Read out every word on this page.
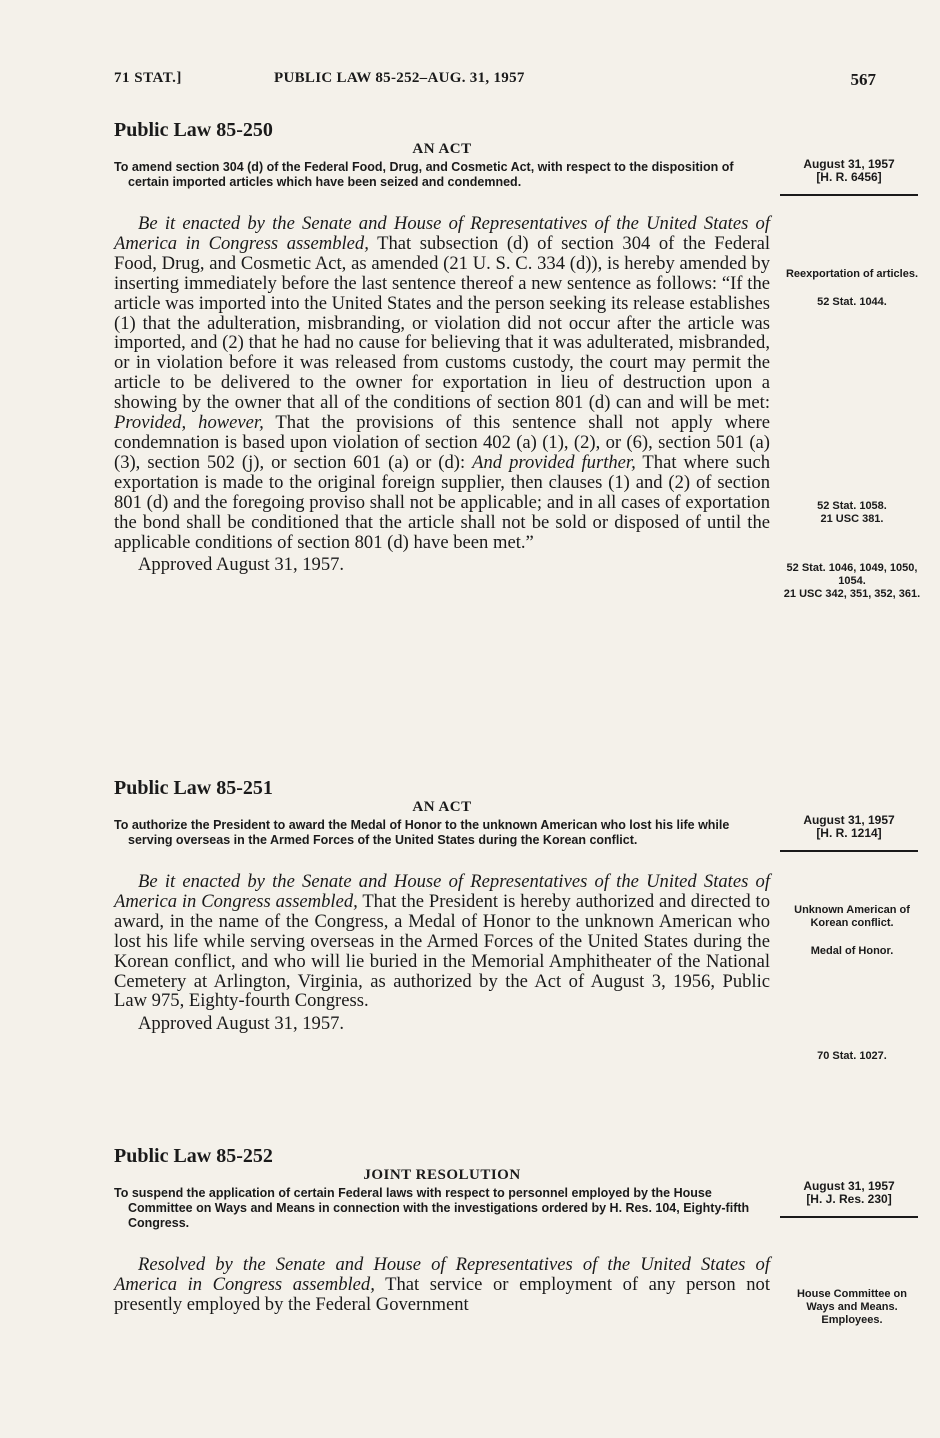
71 STAT.]	PUBLIC LAW 85-252–AUG. 31, 1957	567
Public Law 85-250
AN ACT

To amend section 304 (d) of the Federal Food, Drug, and Cosmetic Act, with respect to the disposition of certain imported articles which have been seized and condemned.

Be it enacted by the Senate and House of Representatives of the United States of America in Congress assembled, That subsection (d) of section 304 of the Federal Food, Drug, and Cosmetic Act, as amended (21 U. S. C. 334 (d)), is hereby amended by inserting immediately before the last sentence thereof a new sentence as follows: “If the article was imported into the United States and the person seeking its release establishes (1) that the adulteration, misbranding, or violation did not occur after the article was imported, and (2) that he had no cause for believing that it was adulterated, misbranded, or in violation before it was released from customs custody, the court may permit the article to be delivered to the owner for exportation in lieu of destruction upon a showing by the owner that all of the conditions of section 801 (d) can and will be met: Provided, however, That the provisions of this sentence shall not apply where condemnation is based upon violation of section 402 (a) (1), (2), or (6), section 501 (a) (3), section 502 (j), or section 601 (a) or (d): And provided further, That where such exportation is made to the original foreign supplier, then clauses (1) and (2) of section 801 (d) and the foregoing proviso shall not be applicable; and in all cases of exportation the bond shall be conditioned that the article shall not be sold or disposed of until the applicable conditions of section 801 (d) have been met.”

Approved August 31, 1957.
Public Law 85-251
AN ACT

To authorize the President to award the Medal of Honor to the unknown American who lost his life while serving overseas in the Armed Forces of the United States during the Korean conflict.

Be it enacted by the Senate and House of Representatives of the United States of America in Congress assembled, That the President is hereby authorized and directed to award, in the name of the Congress, a Medal of Honor to the unknown American who lost his life while serving overseas in the Armed Forces of the United States during the Korean conflict, and who will lie buried in the Memorial Amphitheater of the National Cemetery at Arlington, Virginia, as authorized by the Act of August 3, 1956, Public Law 975, Eighty-fourth Congress.

Approved August 31, 1957.
Public Law 85-252
JOINT RESOLUTION

To suspend the application of certain Federal laws with respect to personnel employed by the House Committee on Ways and Means in connection with the investigations ordered by H. Res. 104, Eighty-fifth Congress.

Resolved by the Senate and House of Representatives of the United States of America in Congress assembled, That service or employment of any person not presently employed by the Federal Government

August 31, 1957
[H. R. 6456]
Reexportation of articles.
52 Stat. 1044.
52 Stat. 1058.
21 USC 381.
52 Stat. 1046, 1049, 1050, 1054.
21 USC 342, 351, 352, 361.
August 31, 1957
[H. R. 1214]
Unknown American of Korean conflict.
Medal of Honor.
70 Stat. 1027.
August 31, 1957
[H. J. Res. 230]
House Committee on Ways and Means.
Employees.
